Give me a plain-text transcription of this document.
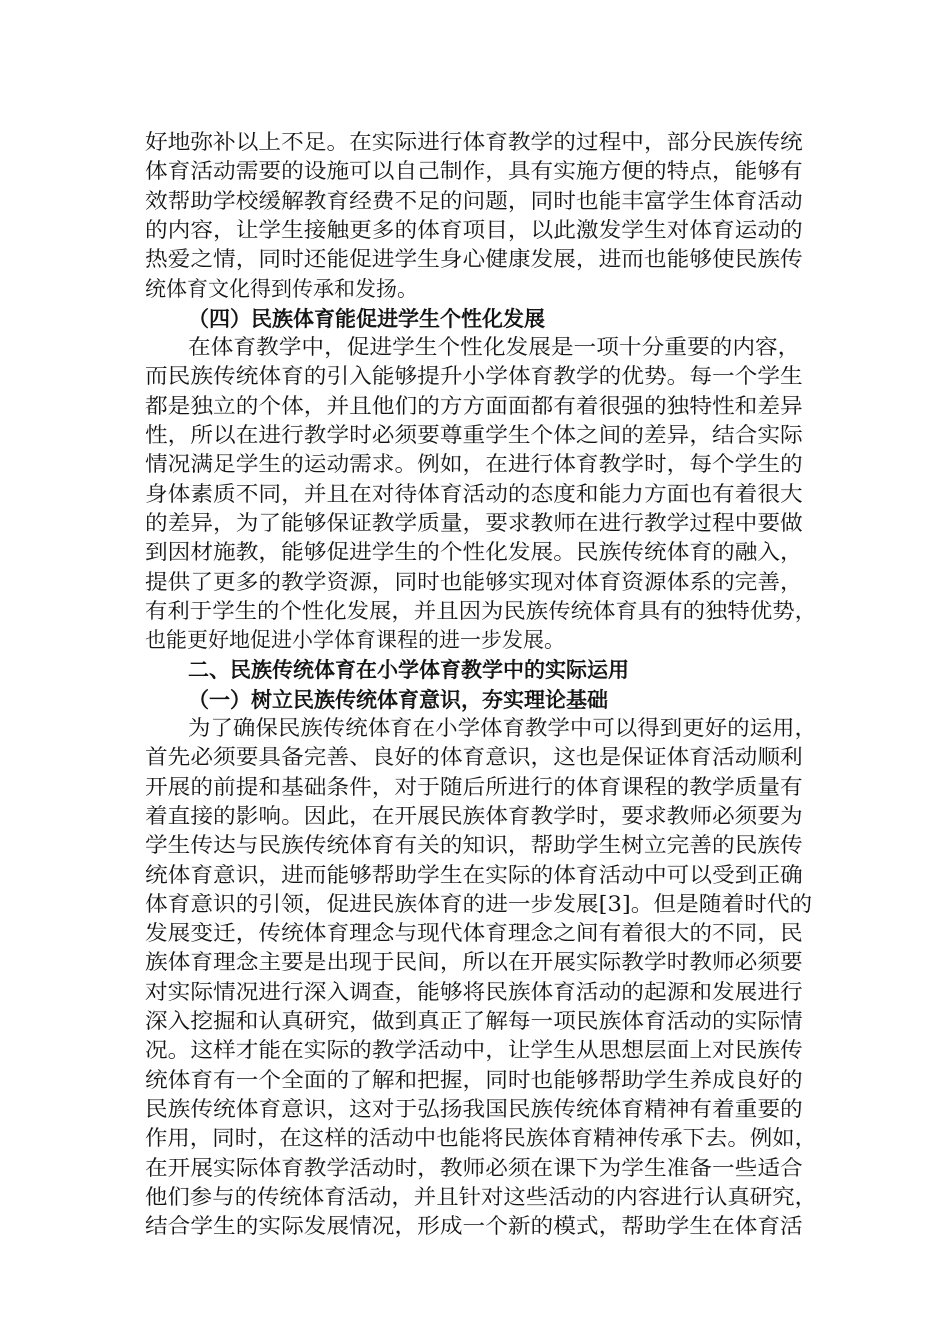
好地弥补以上不足。在实际进行体育教学的过程中，部分民族传统
体育活动需要的设施可以自己制作，具有实施方便的特点，能够有
效帮助学校缓解教育经费不足的问题，同时也能丰富学生体育活动
的内容，让学生接触更多的体育项目，以此激发学生对体育运动的
热爱之情，同时还能促进学生身心健康发展，进而也能够使民族传
统体育文化得到传承和发扬。
（四）民族体育能促进学生个性化发展
在体育教学中，促进学生个性化发展是一项十分重要的内容，
而民族传统体育的引入能够提升小学体育教学的优势。每一个学生
都是独立的个体，并且他们的方方面面都有着很强的独特性和差异
性，所以在进行教学时必须要尊重学生个体之间的差异，结合实际
情况满足学生的运动需求。例如，在进行体育教学时，每个学生的
身体素质不同，并且在对待体育活动的态度和能力方面也有着很大
的差异，为了能够保证教学质量，要求教师在进行教学过程中要做
到因材施教，能够促进学生的个性化发展。民族传统体育的融入，
提供了更多的教学资源，同时也能够实现对体育资源体系的完善，
有利于学生的个性化发展，并且因为民族传统体育具有的独特优势，
也能更好地促进小学体育课程的进一步发展。
二、民族传统体育在小学体育教学中的实际运用
（一）树立民族传统体育意识，夯实理论基础
为了确保民族传统体育在小学体育教学中可以得到更好的运用，
首先必须要具备完善、良好的体育意识，这也是保证体育活动顺利
开展的前提和基础条件，对于随后所进行的体育课程的教学质量有
着直接的影响。因此，在开展民族体育教学时，要求教师必须要为
学生传达与民族传统体育有关的知识，帮助学生树立完善的民族传
统体育意识，进而能够帮助学生在实际的体育活动中可以受到正确
体育意识的引领，促进民族体育的进一步发展[3]。但是随着时代的
发展变迁，传统体育理念与现代体育理念之间有着很大的不同，民
族体育理念主要是出现于民间，所以在开展实际教学时教师必须要
对实际情况进行深入调查，能够将民族体育活动的起源和发展进行
深入挖掘和认真研究，做到真正了解每一项民族体育活动的实际情
况。这样才能在实际的教学活动中，让学生从思想层面上对民族传
统体育有一个全面的了解和把握，同时也能够帮助学生养成良好的
民族传统体育意识，这对于弘扬我国民族传统体育精神有着重要的
作用，同时，在这样的活动中也能将民族体育精神传承下去。例如，
在开展实际体育教学活动时，教师必须在课下为学生准备一些适合
他们参与的传统体育活动，并且针对这些活动的内容进行认真研究，
结合学生的实际发展情况，形成一个新的模式，帮助学生在体育活
